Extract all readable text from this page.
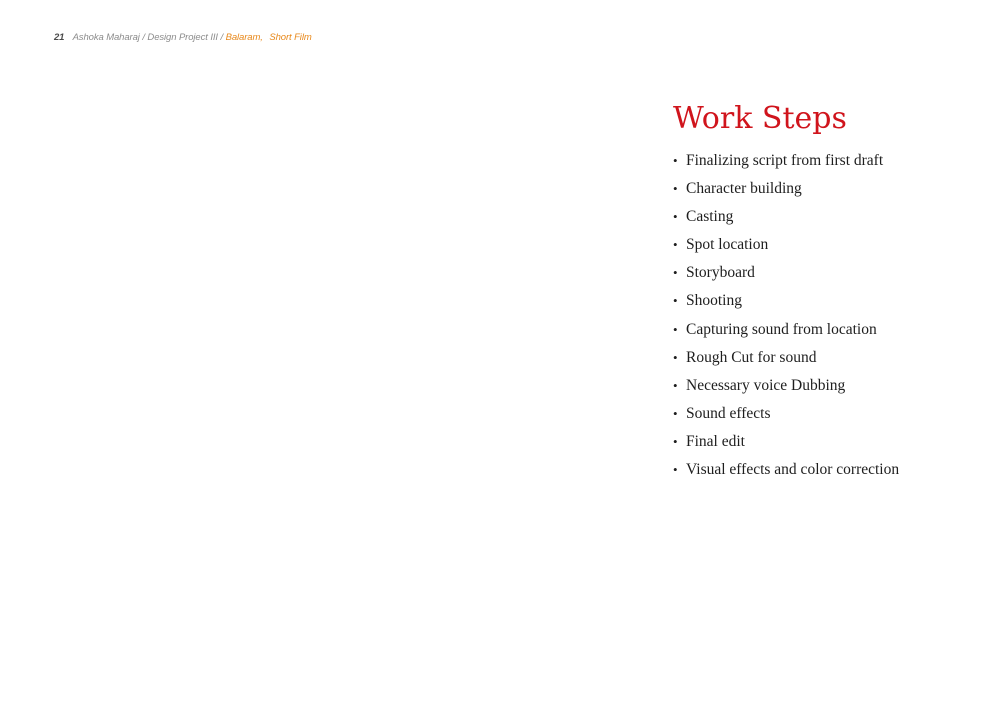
21 Ashoka Maharaj / Design Project III / Balaram, Short Film
Work Steps
• Finalizing script from first draft
• Character building
• Casting
• Spot location
• Storyboard
• Shooting
• Capturing sound from location
• Rough Cut for sound
• Necessary voice Dubbing
• Sound effects
• Final edit
• Visual effects and color correction
